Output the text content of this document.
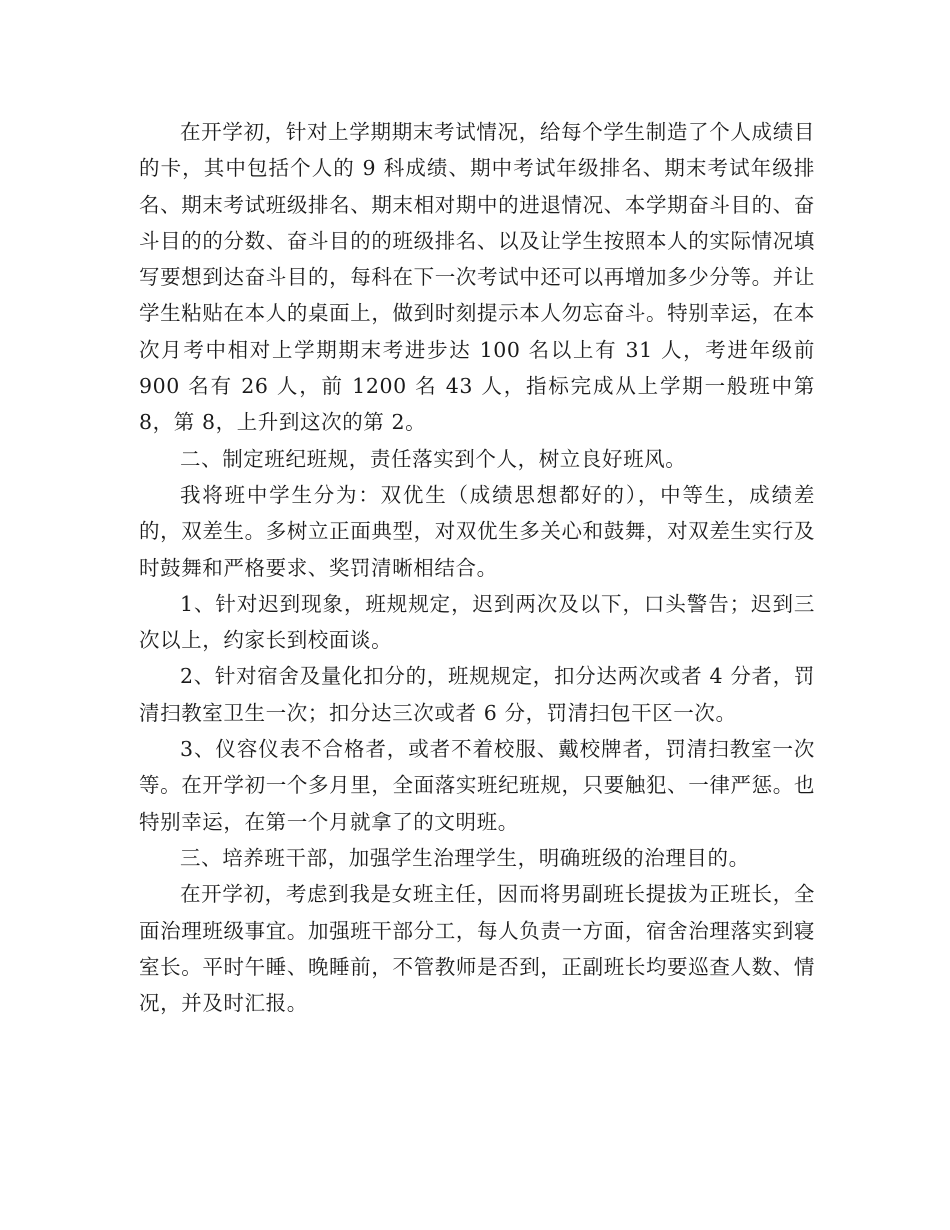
在开学初，针对上学期期末考试情况，给每个学生制造了个人成绩目的卡，其中包括个人的 9 科成绩、期中考试年级排名、期末考试年级排名、期末考试班级排名、期末相对期中的进退情况、本学期奋斗目的、奋斗目的的分数、奋斗目的的班级排名、以及让学生按照本人的实际情况填写要想到达奋斗目的，每科在下一次考试中还可以再增加多少分等。并让学生粘贴在本人的桌面上，做到时刻提示本人勿忘奋斗。特别幸运，在本次月考中相对上学期期末考进步达 100 名以上有 31 人，考进年级前 900 名有 26 人，前 1200 名 43 人，指标完成从上学期一般班中第 8，第 8，上升到这次的第 2。

二、制定班纪班规，责任落实到个人，树立良好班风。

我将班中学生分为：双优生（成绩思想都好的），中等生，成绩差的，双差生。多树立正面典型，对双优生多关心和鼓舞，对双差生实行及时鼓舞和严格要求、奖罚清晰相结合。

1、针对迟到现象，班规规定，迟到两次及以下，口头警告；迟到三次以上，约家长到校面谈。

2、针对宿舍及量化扣分的，班规规定，扣分达两次或者 4 分者，罚清扫教室卫生一次；扣分达三次或者 6 分，罚清扫包干区一次。

3、仪容仪表不合格者，或者不着校服、戴校牌者，罚清扫教室一次等。在开学初一个多月里，全面落实班纪班规，只要触犯、一律严惩。也特别幸运，在第一个月就拿了的文明班。

三、培养班干部，加强学生治理学生，明确班级的治理目的。

在开学初，考虑到我是女班主任，因而将男副班长提拔为正班长，全面治理班级事宜。加强班干部分工，每人负责一方面，宿舍治理落实到寝室长。平时午睡、晚睡前，不管教师是否到，正副班长均要巡查人数、情况，并及时汇报。
